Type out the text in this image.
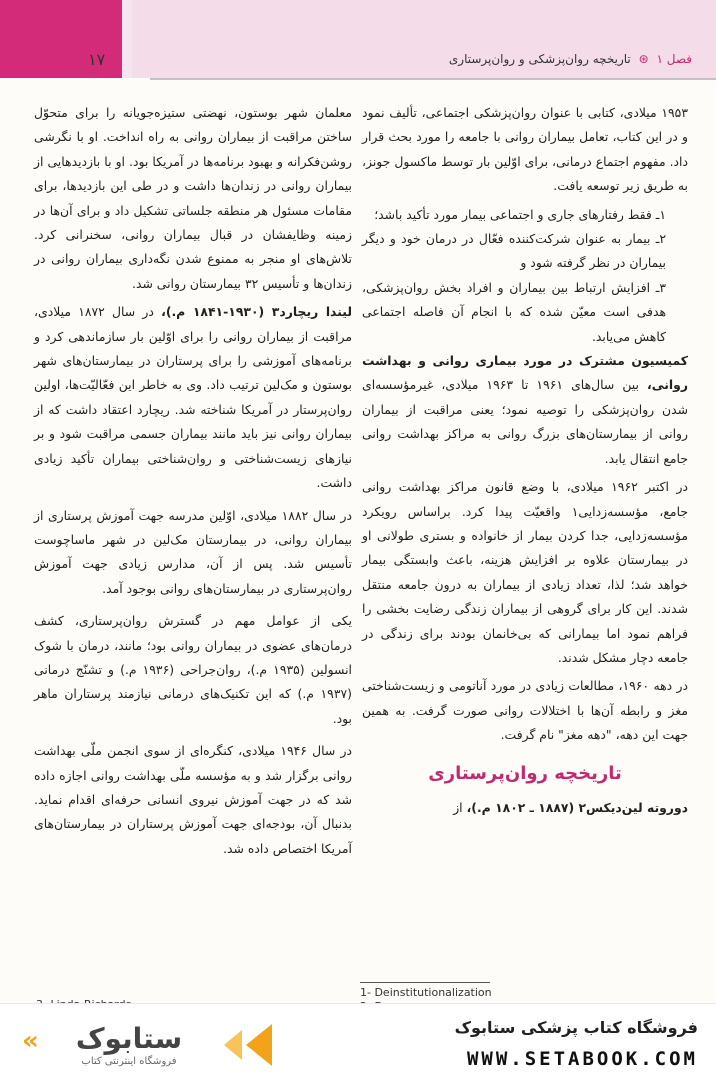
۱۷	فصل ۱ ⊛ تاریخچه روان‌پزشکی و روان‌پرستاری

۱۹۵۳ میلادی، کتابی با عنوان روان‌پزشکی اجتماعی، تألیف نمود و در این کتاب، تعامل بیماران روانی با جامعه را مورد بحث قرار داد. مفهوم اجتماع درمانی، برای اوّلین بار توسط ماکسول جونز، به طریق زیر توسعه یافت.

۱ـ فقط رفتارهای جاری و اجتماعی بیمار مورد تأکید باشد؛
۲ـ بیمار به عنوان شرکت‌کننده فعّال در درمان خود و دیگر بیماران در نظر گرفته شود و
۳ـ افزایش ارتباط بین بیماران و افراد بخش روان‌پزشکی، هدفی است معیّن شده که با انجام آن فاصله اجتماعی کاهش می‌یابد.

کمیسیون مشترک در مورد بیماری روانی و بهداشت روانی، بین سال‌های ۱۹۶۱ تا ۱۹۶۳ میلادی، غیرمؤسسه‌ای شدن روان‌پزشکی را توصیه نمود؛ یعنی مراقبت از بیماران روانی از بیمارستان‌های بزرگ روانی به مراکز بهداشت روانی جامع انتقال یابد.

در اکتبر ۱۹۶۲ میلادی، با وضع قانون مراکز بهداشت روانی جامع، مؤسسه‌زدایی۱ واقعیّت پیدا کرد. براساس رویکرد مؤسسه‌زدایی، جدا کردن بیمار از خانواده و بستری طولانی او در بیمارستان علاوه بر افزایش هزینه، باعث وابستگی بیمار خواهد شد؛ لذا، تعداد زیادی از بیماران به درون جامعه منتقل شدند. این کار برای گروهی از بیماران زندگی رضایت بخشی را فراهم نمود اما بیمارانی که بی‌خانمان بودند برای زندگی در جامعه دچار مشکل شدند.

در دهه ۱۹۶۰، مطالعات زیادی در مورد آناتومی و زیست‌شناختی مغز و رابطه آن‌ها با اختلالات روانی صورت گرفت. به همین جهت این دهه، "دهه مغز" نام گرفت.

تاریخچه روان‌پرستاری

دوروته لین‌دیکس۲ (۱۸۸۷ ـ ۱۸۰۲ م.)، از

معلمان شهر بوستون، نهضتی ستیزه‌جویانه را برای متحوّل ساختن مراقبت از بیماران روانی به راه انداخت. او با نگرشی روشن‌فکرانه و بهبود برنامه‌ها در آمریکا بود. او با بازدیدهایی از بیماران روانی در زندان‌ها داشت و در طی این بازدیدها، برای مقامات مسئول هر منطقه جلساتی تشکیل داد و برای آن‌ها در زمینه وظایفشان در قبال بیماران روانی، سخنرانی کرد. تلاش‌های او منجر به ممنوع شدن نگه‌داری بیماران روانی در زندان‌ها و تأسیس ۳۲ بیمارستان روانی شد.

لیندا ریچارد۳ (۱۹۳۰-۱۸۴۱ م.)، در سال ۱۸۷۲ میلادی، مراقبت از بیماران روانی را برای اوّلین بار سازماندهی کرد و برنامه‌های آموزشی را برای پرستاران در بیمارستان‌های شهر بوستون و مک‌لین ترتیب داد. وی به خاطر این فعّالیّت‌ها، اولین روان‌پرستار در آمریکا شناخته شد. ریچارد اعتقاد داشت که از بیماران روانی نیز باید مانند بیماران جسمی مراقبت شود و بر نیازهای زیست‌شناختی و روان‌شناختی بیماران تأکید زیادی داشت.

در سال ۱۸۸۲ میلادی، اوّلین مدرسه جهت آموزش پرستاری از بیماران روانی، در بیمارستان مک‌لین در شهر ماساچوست تأسیس شد. پس از آن، مدارس زیادی جهت آموزش روان‌پرستاری در بیمارستان‌های روانی بوجود آمد.

یکی از عوامل مهم در گسترش روان‌پرستاری، کشف درمان‌های عضوی در بیماران روانی بود؛ مانند، درمان با شوک انسولین (۱۹۳۵ م.)، روان‌جراحی (۱۹۳۶ م.) و تشنّج درمانی (۱۹۳۷ م.) که این تکنیک‌های درمانی نیازمند پرستاران ماهر بود.

در سال ۱۹۴۶ میلادی، کنگره‌ای از سوی انجمن ملّی بهداشت روانی برگزار شد و به مؤسسه ملّی بهداشت روانی اجازه داده شد که در جهت آموزش نیروی انسانی حرفه‌ای اقدام نماید. بدنبال آن، بودجه‌ای جهت آموزش پرستاران در بیمارستان‌های آمریکا اختصاص داده شد.

1- Deinstitutionalization
«	ستابوک
فروشگاه اینترنتی کتاب
فروشگاه کتاب پزشکی ستابوک
WWW.SETABOOK.COM
